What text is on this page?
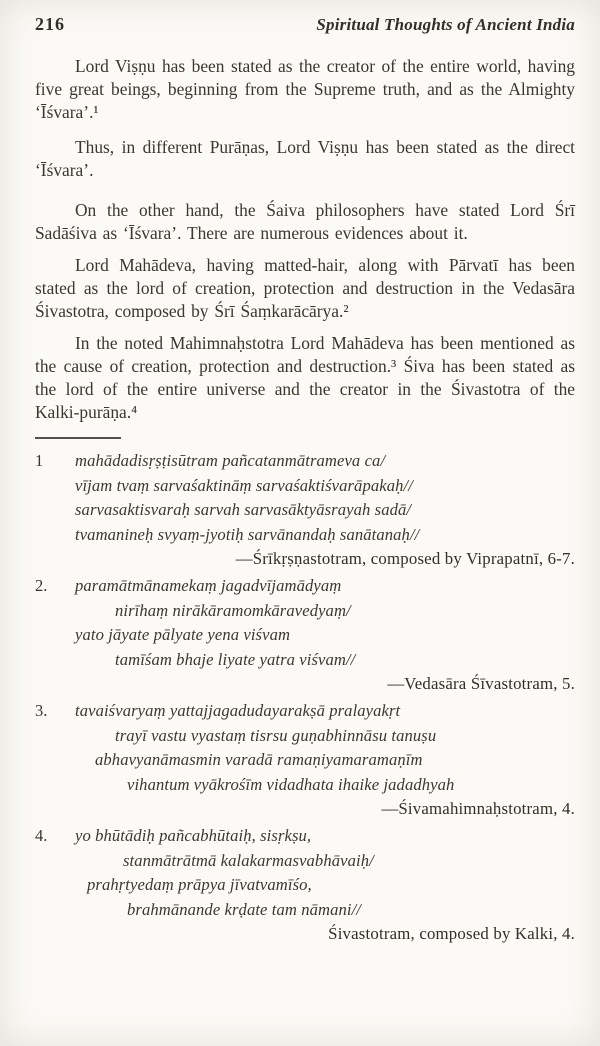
216	Spiritual Thoughts of Ancient India

Lord Viṣṇu has been stated as the creator of the entire world, having five great beings, beginning from the Supreme truth, and as the Almighty ‘Īśvara’.¹

Thus, in different Purāṇas, Lord Viṣṇu has been stated as the direct ‘Īśvara’.

On the other hand, the Śaiva philosophers have stated Lord Śrī Sadāśiva as ‘Īśvara’. There are numerous evidences about it.

Lord Mahādeva, having matted-hair, along with Pārvatī has been stated as the lord of creation, protection and destruction in the Vedasāra Śivastotra, composed by Śrī Śaṃkarācārya.²

In the noted Mahimnaḥstotra Lord Mahādeva has been mentioned as the cause of creation, protection and destruction.³ Śiva has been stated as the lord of the entire universe and the creator in the Śivastotra of the Kalki-purāṇa.⁴

1	mahādadisṛṣṭisūtram pañcatanmātrameva ca/
vījam tvaṃ sarvaśaktināṃ sarvaśaktiśvarāpakaḥ//
sarvasaktisvaraḥ sarvah sarvasāktyāsrayah sadā/
tvamanineḥ svyaṃ-jyotiḥ sarvānandaḥ sanātanaḥ//
—Śrīkṛṣṇastotram, composed by Viprapatnī, 6-7.
2.	paramātmānamekaṃ jagadvījamādyaṃ
nirīhaṃ nirākāramomkāravedyaṃ/
yato jāyate pālyate yena viśvam
tamīśam bhaje liyate yatra viśvam//
—Vedasāra Śīvastotram, 5.
3.	tavaiśvaryaṃ yattajjagadudayarakṣā pralayakṛt
trayī vastu vyastaṃ tisrsu guṇabhinnāsu tanuṣu
abhavyanāmasmin varadā ramaṇiyamaramaṇīm
vihantum vyākrośīm vidadhata ihaike jadadhyah
—Śivamahimnaḥstotram, 4.
4.	yo bhūtādiḥ pañcabhūtaiḥ, sisṛkṣu,
stanmātrātmā kalakarmasvabhāvaiḥ/
prahṛtyedaṃ prāpya jīvatvamīśo,
brahmānande krḍate tam nāmani//
Śivastotram, composed by Kalki, 4.
